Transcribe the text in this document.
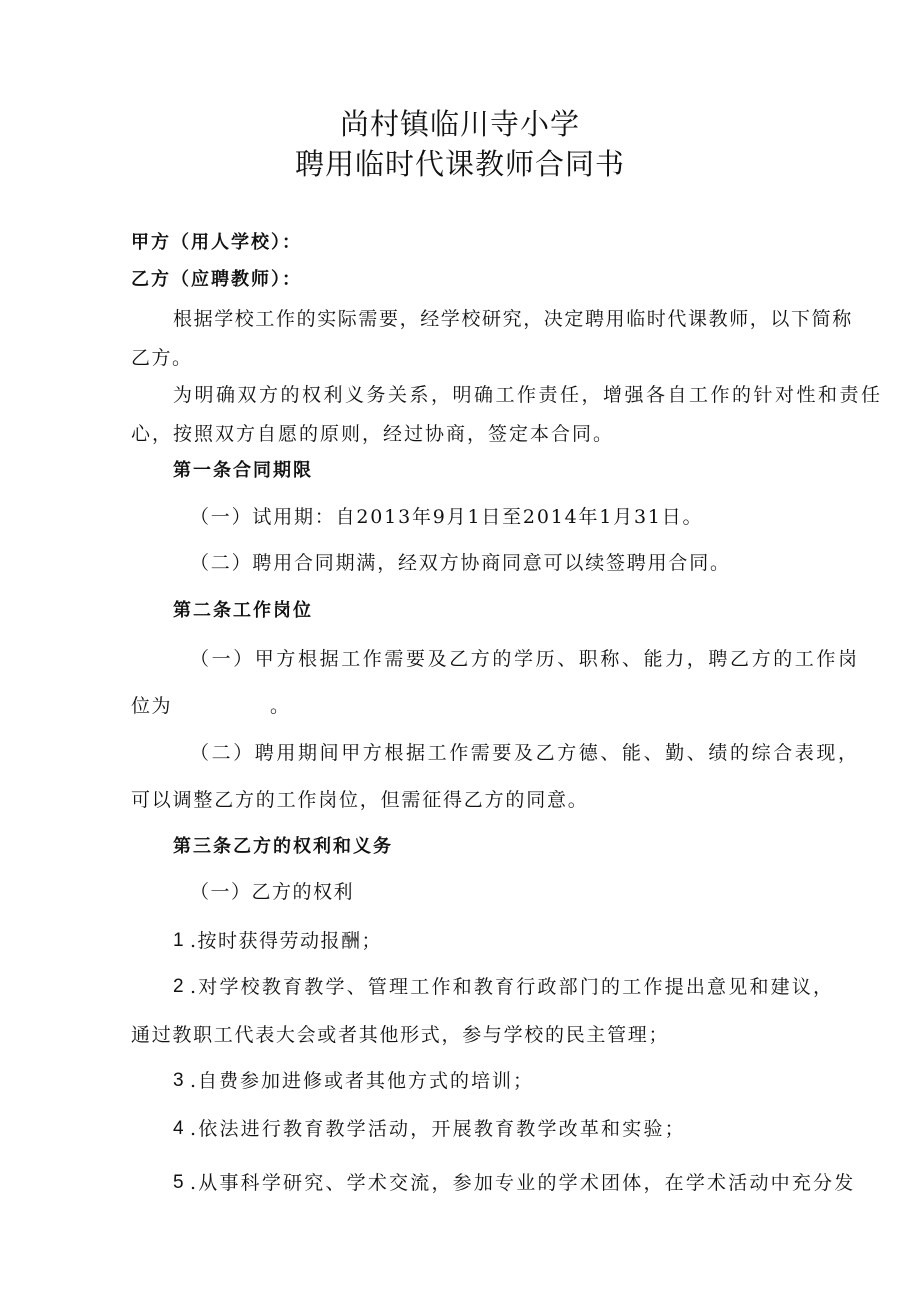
尚村镇临川寺小学
聘用临时代课教师合同书
甲方（用人学校）：
乙方（应聘教师）：
根据学校工作的实际需要，经学校研究，决定聘用临时代课教师，以下简称
乙方。
为明确双方的权利义务关系，明确工作责任，增强各自工作的针对性和责任
心，按照双方自愿的原则，经过协商，签定本合同。
第一条合同期限
（一）试用期：自2013年9月1日至2014年1月31日。
（二）聘用合同期满，经双方协商同意可以续签聘用合同。
第二条工作岗位
（一）甲方根据工作需要及乙方的学历、职称、能力，聘乙方的工作岗
位为	。
（二）聘用期间甲方根据工作需要及乙方德、能、勤、绩的综合表现，
可以调整乙方的工作岗位，但需征得乙方的同意。
第三条乙方的权利和义务
（一）乙方的权利
1 .按时获得劳动报酬；
2 .对学校教育教学、管理工作和教育行政部门的工作提出意见和建议，
通过教职工代表大会或者其他形式，参与学校的民主管理；
3 .自费参加进修或者其他方式的培训；
4 .依法进行教育教学活动，开展教育教学改革和实验；
5 .从事科学研究、学术交流，参加专业的学术团体，在学术活动中充分发
